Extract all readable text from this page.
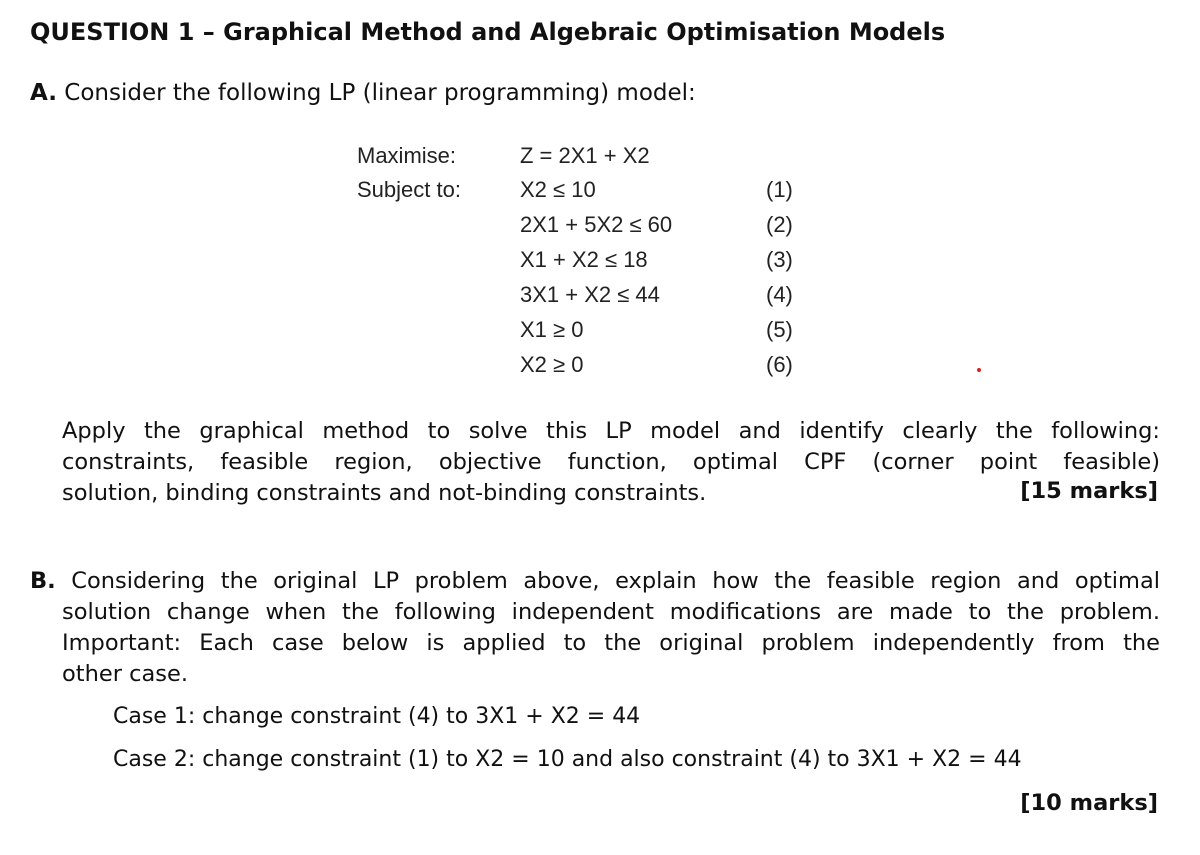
QUESTION 1 – Graphical Method and Algebraic Optimisation Models
A. Consider the following LP (linear programming) model:
Maximise:	Z = 2X1 + X2
Subject to:	X2 ≤ 10	(1)
2X1 + 5X2 ≤ 60	(2)
X1 + X2 ≤ 18	(3)
3X1 + X2 ≤ 44	(4)
X1 ≥ 0	(5)
X2 ≥ 0	(6)
Apply the graphical method to solve this LP model and identify clearly the following:
constraints, feasible region, objective function, optimal CPF (corner point feasible)
solution, binding constraints and not-binding constraints.	[15 marks]
B. Considering the original LP problem above, explain how the feasible region and optimal
solution change when the following independent modifications are made to the problem.
Important: Each case below is applied to the original problem independently from the
other case.
Case 1: change constraint (4) to 3X1 + X2 = 44
Case 2: change constraint (1) to X2 = 10 and also constraint (4) to 3X1 + X2 = 44
[10 marks]
